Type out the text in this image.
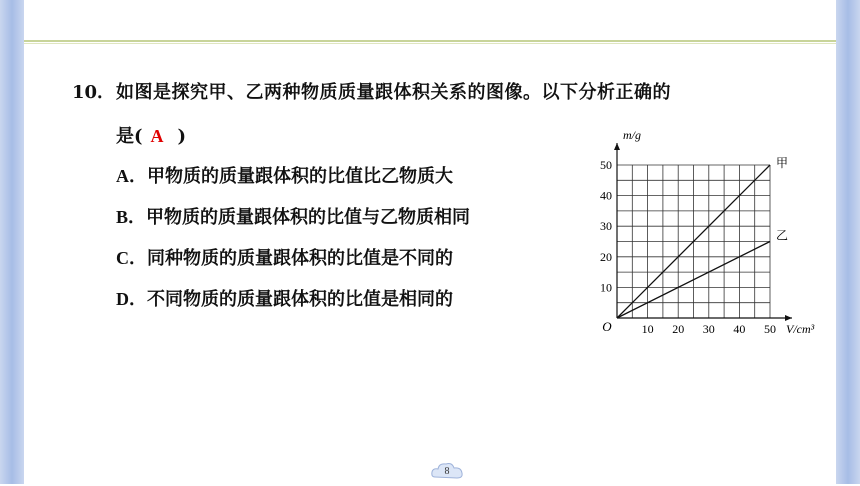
10． 如图是探究甲、乙两种物质质量跟体积关系的图像。以下分析正确的
是( A )
A．甲物质的质量跟体积的比值比乙物质大
B．甲物质的质量跟体积的比值与乙物质相同
C．同种物质的质量跟体积的比值是不同的
D．不同物质的质量跟体积的比值是相同的
10 20 30 40 50
10
20
30
40
50
O	V/cm³
m/g
甲
乙
8
